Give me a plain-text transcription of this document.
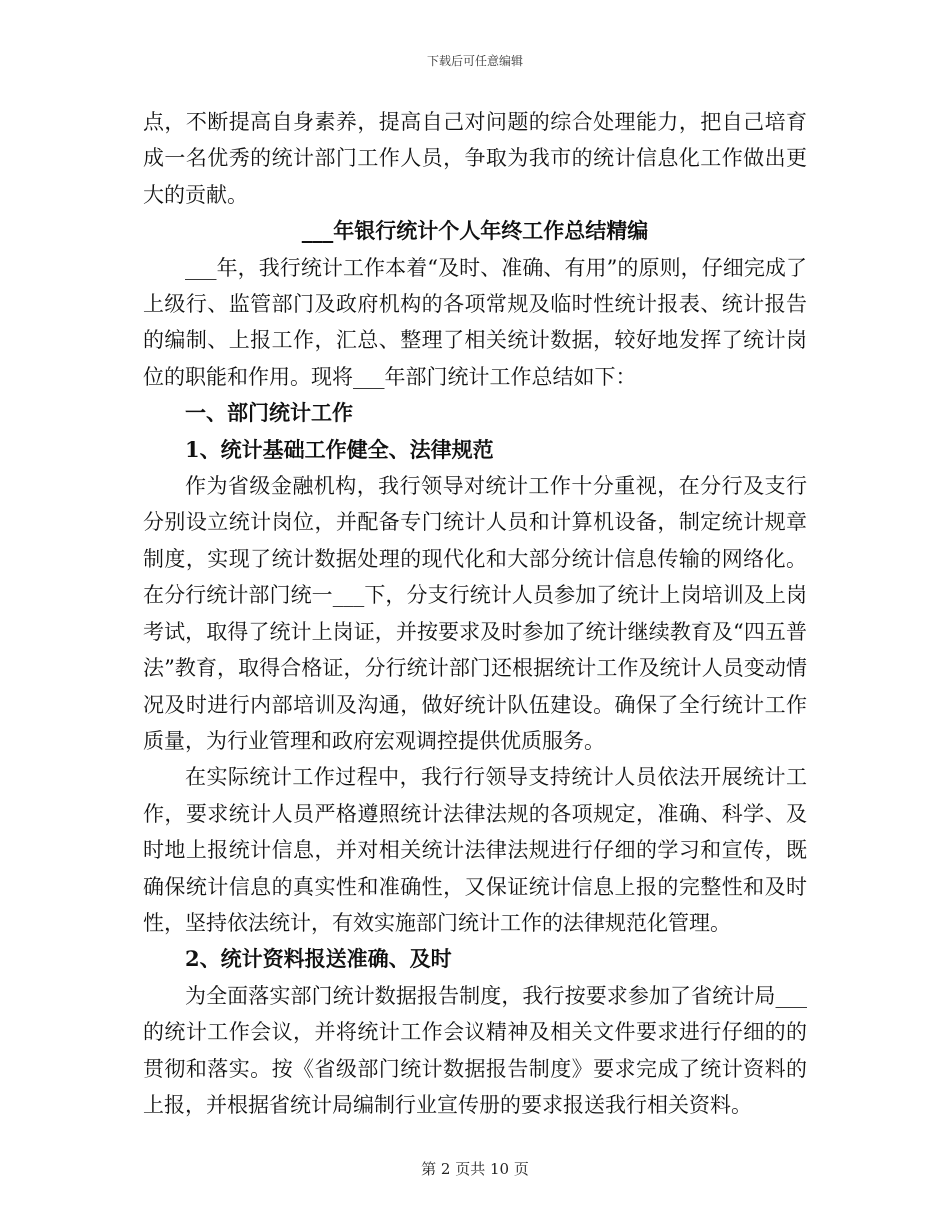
下载后可任意编辑

点，不断提高自身素养，提高自己对问题的综合处理能力，把自己培育成一名优秀的统计部门工作人员，争取为我市的统计信息化工作做出更大的贡献。

___年银行统计个人年终工作总结精编

___年，我行统计工作本着“及时、准确、有用”的原则，仔细完成了上级行、监管部门及政府机构的各项常规及临时性统计报表、统计报告的编制、上报工作，汇总、整理了相关统计数据，较好地发挥了统计岗位的职能和作用。现将___年部门统计工作总结如下：

一、部门统计工作

1、统计基础工作健全、法律规范

作为省级金融机构，我行领导对统计工作十分重视，在分行及支行分别设立统计岗位，并配备专门统计人员和计算机设备，制定统计规章制度，实现了统计数据处理的现代化和大部分统计信息传输的网络化。在分行统计部门统一___下，分支行统计人员参加了统计上岗培训及上岗考试，取得了统计上岗证，并按要求及时参加了统计继续教育及“四五普法”教育，取得合格证，分行统计部门还根据统计工作及统计人员变动情况及时进行内部培训及沟通，做好统计队伍建设。确保了全行统计工作质量，为行业管理和政府宏观调控提供优质服务。

在实际统计工作过程中，我行行领导支持统计人员依法开展统计工作，要求统计人员严格遵照统计法律法规的各项规定，准确、科学、及时地上报统计信息，并对相关统计法律法规进行仔细的学习和宣传，既确保统计信息的真实性和准确性，又保证统计信息上报的完整性和及时性，坚持依法统计，有效实施部门统计工作的法律规范化管理。

2、统计资料报送准确、及时

为全面落实部门统计数据报告制度，我行按要求参加了省统计局___的统计工作会议，并将统计工作会议精神及相关文件要求进行仔细的的贯彻和落实。按《省级部门统计数据报告制度》要求完成了统计资料的上报，并根据省统计局编制行业宣传册的要求报送我行相关资料。

第 2 页共 10 页
